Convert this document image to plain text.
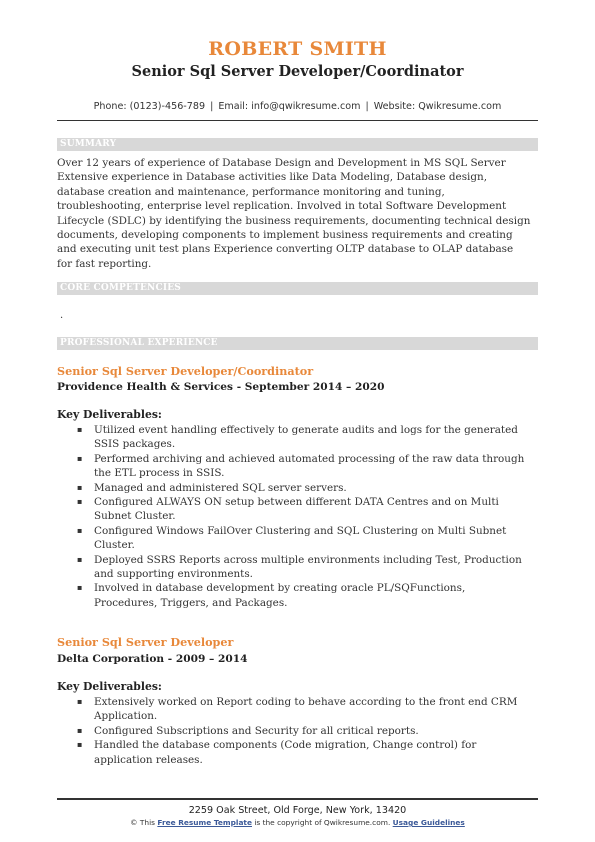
ROBERT SMITH
Senior Sql Server Developer/Coordinator
Phone: (0123)-456-789 | Email: info@qwikresume.com | Website: Qwikresume.com
SUMMARY
Over 12 years of experience of Database Design and Development in MS SQL Server
Extensive experience in Database activities like Data Modeling, Database design,
database creation and maintenance, performance monitoring and tuning,
troubleshooting, enterprise level replication. Involved in total Software Development
Lifecycle (SDLC) by identifying the business requirements, documenting technical design
documents, developing components to implement business requirements and creating
and executing unit test plans Experience converting OLTP database to OLAP database
for fast reporting.
CORE COMPETENCIES
.
PROFESSIONAL EXPERIENCE
Senior Sql Server Developer/Coordinator
Providence Health & Services - September 2014 – 2020
Key Deliverables:
▪ Utilized event handling effectively to generate audits and logs for the generated
SSIS packages.
▪ Performed archiving and achieved automated processing of the raw data through
the ETL process in SSIS.
▪ Managed and administered SQL server servers.
▪ Configured ALWAYS ON setup between different DATA Centres and on Multi
Subnet Cluster.
▪ Configured Windows FailOver Clustering and SQL Clustering on Multi Subnet
Cluster.
▪ Deployed SSRS Reports across multiple environments including Test, Production
and supporting environments.
▪ Involved in database development by creating oracle PL/SQFunctions,
Procedures, Triggers, and Packages.
Senior Sql Server Developer
Delta Corporation - 2009 – 2014
Key Deliverables:
▪ Extensively worked on Report coding to behave according to the front end CRM
Application.
▪ Configured Subscriptions and Security for all critical reports.
▪ Handled the database components (Code migration, Change control) for
application releases.
2259 Oak Street, Old Forge, New York, 13420
© This Free Resume Template is the copyright of Qwikresume.com. Usage Guidelines
